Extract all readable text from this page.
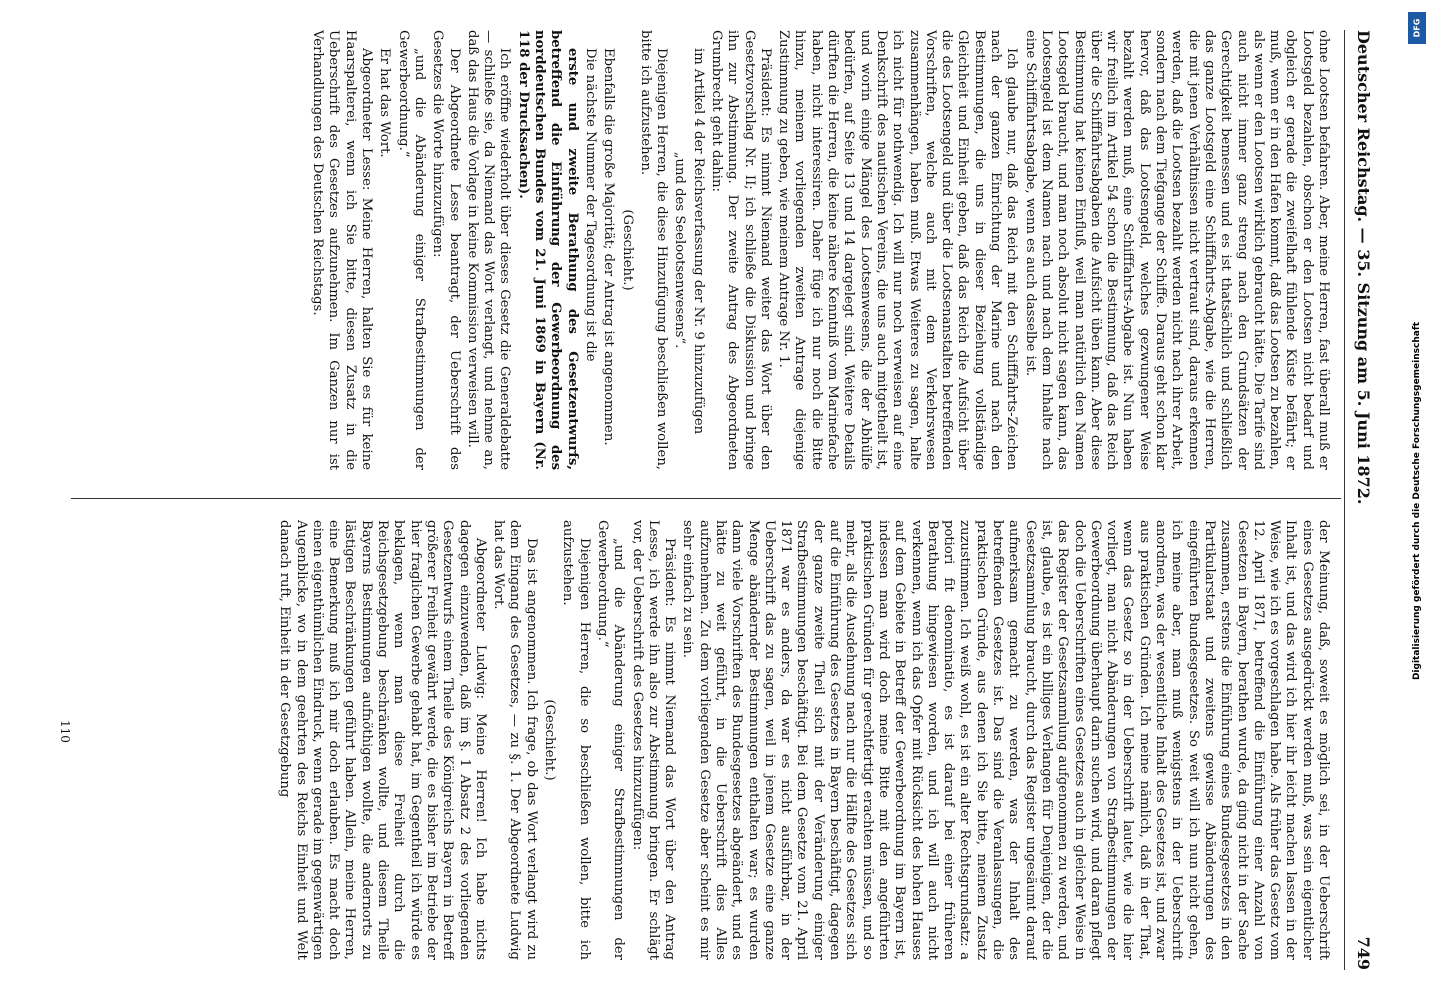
Deutscher Reichstag. — 35. Sitzung am 5. Juni 1872.
749

ohne Lootsen befahren. Aber, meine Herren, fast überall muß er Lootsgeld bezahlen, obschon er den Lootsen nicht bedarf und obgleich er gerade die zweifelhaft fühlende Küste befährt; er muß, wenn er in den Hafen kommt, daß das Lootsen zu bezahlen, als wenn er den Lootsen wirklich gebraucht hätte. Die Tarife sind auch nicht immer ganz streng nach den Grundsätzen der Gerechtigkeit bemessen und es ist thatsächlich und schließlich das ganze Lootsgeld eine Schifffahrts-Abgabe, wie die Herren, die mit jenen Verhältnissen nicht vertraut sind, daraus erkennen werden, daß die Lootsen bezahlt werden nicht nach ihrer Arbeit, sondern nach dem Tiefgange der Schiffe. Daraus geht schon klar hervor, daß das Lootsengeld, welches gezwungener Weise bezahlt werden muß, eine Schifffahrts-Abgabe ist. Nun haben wir freilich im Artikel 54 schon die Bestimmung, daß das Reich über die Schifffahrtsabgaben die Aufsicht üben kann. Aber diese Bestimmung hat keinen Einfluß, weil man natürlich den Namen Lootsgeld braucht, und man noch absolut nicht sagen kann, das Lootsengeld ist dem Namen nach und nach dem Inhalte nach eine Schifffahrtsabgabe, wenn es auch dasselbe ist.

Ich glaube nur, daß das Reich mit den Schifffahrts-Zeichen nach der ganzen Einrichtung der Marine und nach den Bestimmungen, die uns in dieser Beziehung vollständige Gleichheit und Einheit geben, daß das Reich die Aufsicht über die des Lootsengeld und über die Lootsenanstalten betreffenden Vorschriften, welche auch mit dem Verkehrswesen zusammenhängen, haben muß. Etwas Weiteres zu sagen, halte ich nicht für nothwendig. Ich will nur noch verweisen auf eine Denkschrift des nautischen Vereins, die uns auch mitgetheilt ist, und worin einige Mängel des Lootsenwesens, die der Abhülfe bedürfen, auf Seite 13 und 14 dargelegt sind. Weitere Details dürften die Herren, die keine nähere Kenntniß vom Marinefache haben, nicht interessiren. Daher füge ich nur noch die Bitte hinzu, meinem vorliegenden zweiten Antrage diejenige Zustimmung zu geben, wie meinem Antrage Nr. 1.

Präsident: Es nimmt Niemand weiter das Wort über den Gesetzvorschlag Nr. II; ich schließe die Diskussion und bringe ihn zur Abstimmung. Der zweite Antrag des Abgeordneten Grumbrecht geht dahin:

im Artikel 4 der Reichsverfassung der Nr. 9 hinzuzufügen

„und des Seelootsenwesens“.

Diejenigen Herren, die diese Hinzufügung beschließen wollen, bitte ich aufzustehen.

(Geschieht.)

Ebenfalls die große Majorität; der Antrag ist angenommen.

Die nächste Nummer der Tagesordnung ist die

erste und zweite Berathung des Gesetzentwurfs, betreffend die Einführung der Gewerbeordnung des norddeutschen Bundes vom 21. Juni 1869 in Bayern (Nr. 118 der Drucksachen).

Ich eröffne wiederholt über dieses Gesetz die Generaldebatte — schließe sie, da Niemand das Wort verlangt, und nehme an, daß das Haus die Vorlage in keine Kommission verweisen will.

Der Abgeordnete Lesse beantragt, der Ueberschrift des Gesetzes die Worte hinzuzufügen:

„und die Abänderung einiger Strafbestimmungen der Gewerbeordnung.“

Er hat das Wort.

Abgeordneter Lesse: Meine Herren, halten Sie es für keine Haarspalterei, wenn ich Sie bitte, diesen Zusatz in die Ueberschrift des Gesetzes aufzunehmen. Im Ganzen nur ist Verhandlungen des Deutschen Reichstags.

der Meinung, daß, soweit es möglich sei, in der Ueberschrift eines Gesetzes ausgedrückt werden muß, was sein eigentlicher Inhalt ist, und das wird ich hier ihr leicht machen lassen in der Weise, wie ich es vorgeschlagen habe. Als früher das Gesetz vom 12. April 1871, betreffend die Einführung einer Anzahl von Gesetzen in Bayern, berathen wurde, da ging nicht in der Sache zusammen, erstens die Einführung eines Bundesgesetzes in den Partikularstaat und zweitens gewisse Abänderungen des eingeführten Bundesgesetzes. So weit will ich nun nicht gehen, ich meine aber, man muß wenigstens in der Ueberschrift anordnen, was der wesentliche Inhalt des Gesetzes ist, und zwar aus praktischen Gründen. Ich meine nämlich, daß in der That, wenn das Gesetz so in der Ueberschrift lautet, wie die hier vorliegt, man nicht Abänderungen von Strafbestimmungen der Gewerbeordnung überhaupt darin suchen wird, und daran pflegt doch die Ueberschriften eines Gesetzes auch in gleicher Weise in das Register der Gesetzsammlung aufgenommen zu werden, und ist, glaube, es ist ein billiges Verlangen für Denjenigen, der die Gesetzsammlung braucht, durch das Register ungesäumt darauf aufmerksam gemacht zu werden, was der Inhalt des betreffenden Gesetzes ist. Das sind die Veranlassungen, die praktischen Gründe, aus denen ich Sie bitte, meinem Zusatz zuzustimmen. Ich weiß wohl, es ist ein alter Rechtsgrundsatz: a potiori fit denominatio, es ist darauf bei einer früheren Berathung hingewiesen worden, und ich will auch nicht verkennen, wenn ich das Opfer mit Rücksicht des hohen Hauses auf dem Gebiete in Betreff der Gewerbeordnung im Bayern ist, indessen man wird doch meine Bitte mit den angeführten praktischen Gründen für gerechtfertigt erachten müssen, und so mehr, als die Ausdehnung nach nur die Hälfte des Gesetzes sich auf die Einführung des Gesetzes in Bayern beschäftigt, dagegen der ganze zweite Theil sich mit der Veränderung einiger Strafbestimmungen beschäftigt. Bei dem Gesetze vom 21. April 1871 war es anders, da war es nicht ausführbar, in der Ueberschrift das zu sagen, weil in jenem Gesetze eine ganze Menge abändernder Bestimmungen enthalten war; es wurden dann viele Vorschriften des Bundesgesetzes abgeändert, und es hätte zu weit geführt, in die Ueberschrift dies Alles aufzunehmen. Zu dem vorliegenden Gesetze aber scheint es mir sehr einfach zu sein.

Präsident: Es nimmt Niemand das Wort über den Antrag Lesse, ich werde ihn also zur Abstimmung bringen. Er schlägt vor, der Ueberschrift des Gesetzes hinzuzufügen:

„und die Abänderung einiger Strafbestimmungen der Gewerbeordnung.“

Diejenigen Herren, die so beschließen wollen, bitte ich aufzustehen.

(Geschieht.)

Das ist angenommen. Ich frage, ob das Wort verlangt wird zu dem Eingang des Gesetzes, — zu §. 1. Der Abgeordnete Ludwig hat das Wort.

Abgeordneter Ludwig: Meine Herren! Ich habe nichts dagegen einzuwenden, daß im §. 1 Absatz 2 des vorliegenden Gesetzentwurfs einem Theile des Königreichs Bayern in Betreff größerer Freiheit gewährt werde, die es bisher im Betriebe der hier fraglichen Gewerbe gehabt hat, im Gegentheil ich würde es beklagen, wenn man diese Freiheit durch die Reichsgesetzgebung beschränken wollte, und diesem Theile Bayerns Bestimmungen aufnöthigen wollte, die andernorts zu lästigen Beschränkungen geführt haben. Allein, meine Herren, eine Bemerkung muß ich mir doch erlauben. Es macht doch einen eigenthümlichen Eindruck, wenn gerade im gegenwärtigen Augenblicke, wo in dem geehrten des Reichs Einheit und Welt danach ruft, Einheit in der Gesetzgebung

110
DFG
Digitalisierung gefördert durch die Deutsche Forschungsgemeinschaft
